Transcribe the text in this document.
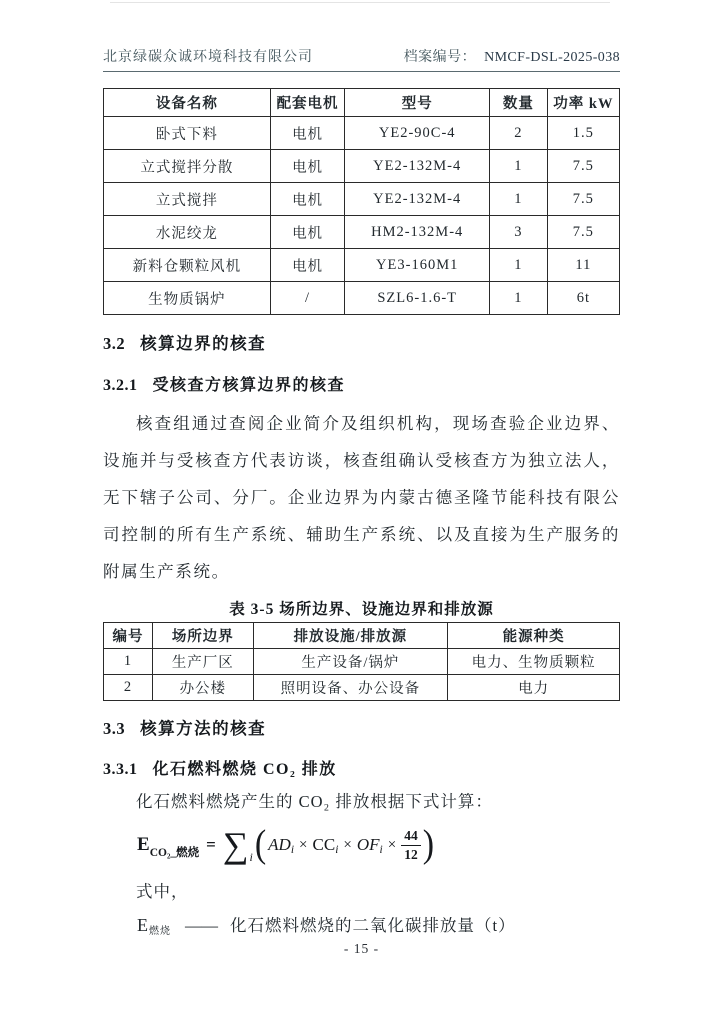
北京绿碳众诚环境科技有限公司	档案编号： NMCF-DSL-2025-038
设备名称	配套电机	型号	数量	功率 kW
卧式下料	电机	YE2-90C-4	2	1.5
立式搅拌分散	电机	YE2-132M-4	1	7.5
立式搅拌	电机	YE2-132M-4	1	7.5
水泥绞龙	电机	HM2-132M-4	3	7.5
新料仓颗粒风机	电机	YE3-160M1	1	11
生物质锅炉	/	SZL6-1.6-T	1	6t
3.2 核算边界的核查
3.2.1 受核查方核算边界的核查

核查组通过查阅企业简介及组织机构，现场查验企业边界、设施并与受核查方代表访谈，核查组确认受核查方为独立法人，无下辖子公司、分厂。企业边界为内蒙古德圣隆节能科技有限公司控制的所有生产系统、辅助生产系统、以及直接为生产服务的附属生产系统。

表 3-5 场所边界、设施边界和排放源
编号	场所边界	排放设施/排放源	能源种类
1	生产厂区	生产设备/锅炉	电力、生物质颗粒
2	办公楼	照明设备、办公设备	电力
3.3 核算方法的核查
3.3.1 化石燃料燃烧 CO₂ 排放

化石燃料燃烧产生的 CO₂ 排放根据下式计算：

$E_{CO_2\_燃烧}$ = ∑ i ( AD i × CC i × OF $i \times \frac{44}{12}$ )

式中，

E燃烧 —— 化石燃料燃烧的二氧化碳排放量（t）
- 15 -
